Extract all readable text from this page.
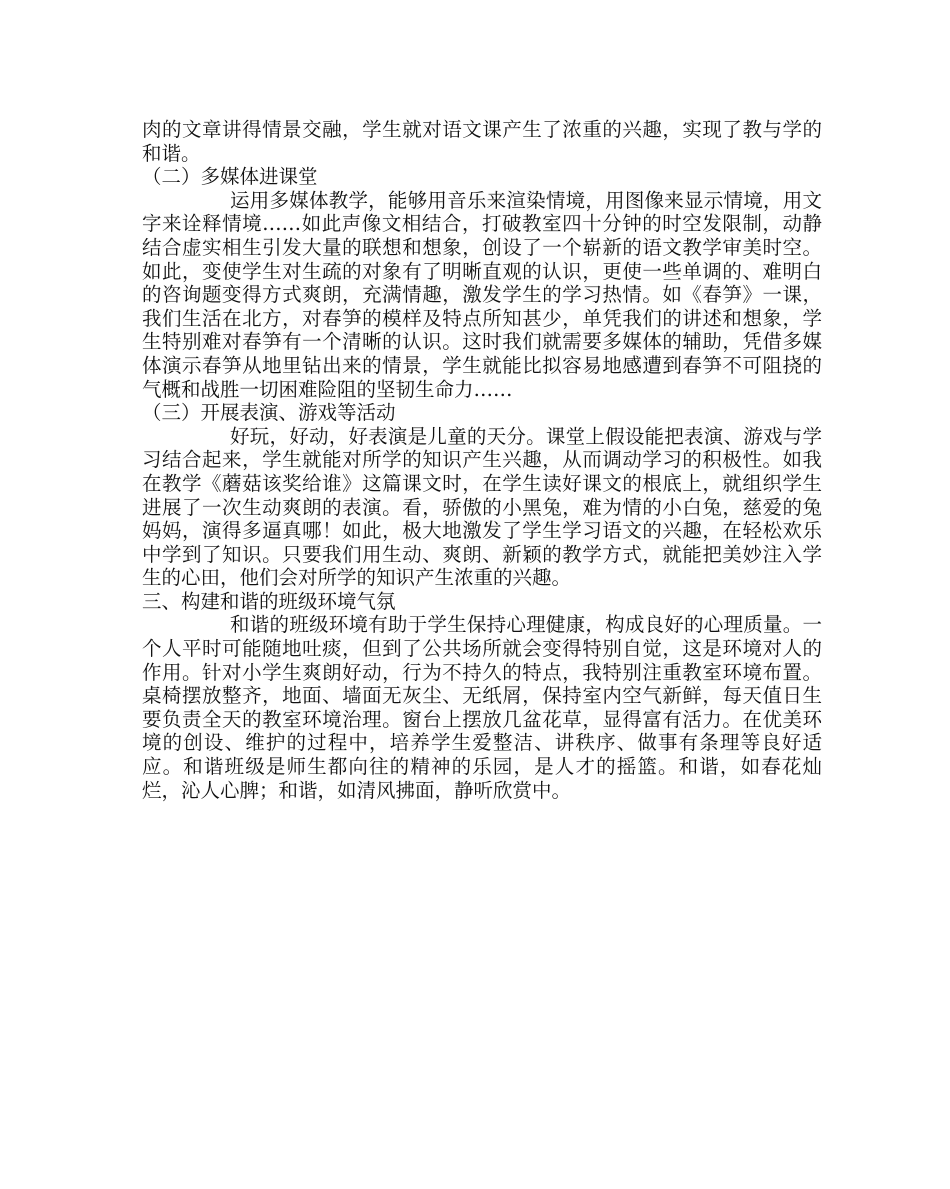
肉的文章讲得情景交融，学生就对语文课产生了浓重的兴趣，实现了教与学的和谐。

（二）多媒体进课堂

运用多媒体教学，能够用音乐来渲染情境，用图像来显示情境，用文字来诠释情境……如此声像文相结合，打破教室四十分钟的时空发限制，动静结合虚实相生引发大量的联想和想象，创设了一个崭新的语文教学审美时空。如此，变使学生对生疏的对象有了明晰直观的认识，更使一些单调的、难明白的咨询题变得方式爽朗，充满情趣，激发学生的学习热情。如《春笋》一课，我们生活在北方，对春笋的模样及特点所知甚少，单凭我们的讲述和想象，学生特别难对春笋有一个清晰的认识。这时我们就需要多媒体的辅助，凭借多媒体演示春笋从地里钻出来的情景，学生就能比拟容易地感遭到春笋不可阻挠的气概和战胜一切困难险阻的坚韧生命力……

（三）开展表演、游戏等活动

好玩，好动，好表演是儿童的天分。课堂上假设能把表演、游戏与学习结合起来，学生就能对所学的知识产生兴趣，从而调动学习的积极性。如我在教学《蘑菇该奖给谁》这篇课文时，在学生读好课文的根底上，就组织学生进展了一次生动爽朗的表演。看，骄傲的小黑兔，难为情的小白兔，慈爱的兔妈妈，演得多逼真哪！如此，极大地激发了学生学习语文的兴趣，在轻松欢乐中学到了知识。只要我们用生动、爽朗、新颖的教学方式，就能把美妙注入学生的心田，他们会对所学的知识产生浓重的兴趣。

三、构建和谐的班级环境气氛

和谐的班级环境有助于学生保持心理健康，构成良好的心理质量。一个人平时可能随地吐痰，但到了公共场所就会变得特别自觉，这是环境对人的作用。针对小学生爽朗好动，行为不持久的特点，我特别注重教室环境布置。桌椅摆放整齐，地面、墙面无灰尘、无纸屑，保持室内空气新鲜，每天值日生要负责全天的教室环境治理。窗台上摆放几盆花草，显得富有活力。在优美环境的创设、维护的过程中，培养学生爱整洁、讲秩序、做事有条理等良好适应。和谐班级是师生都向往的精神的乐园，是人才的摇篮。和谐，如春花灿烂，沁人心脾；和谐，如清风拂面，静听欣赏中。
